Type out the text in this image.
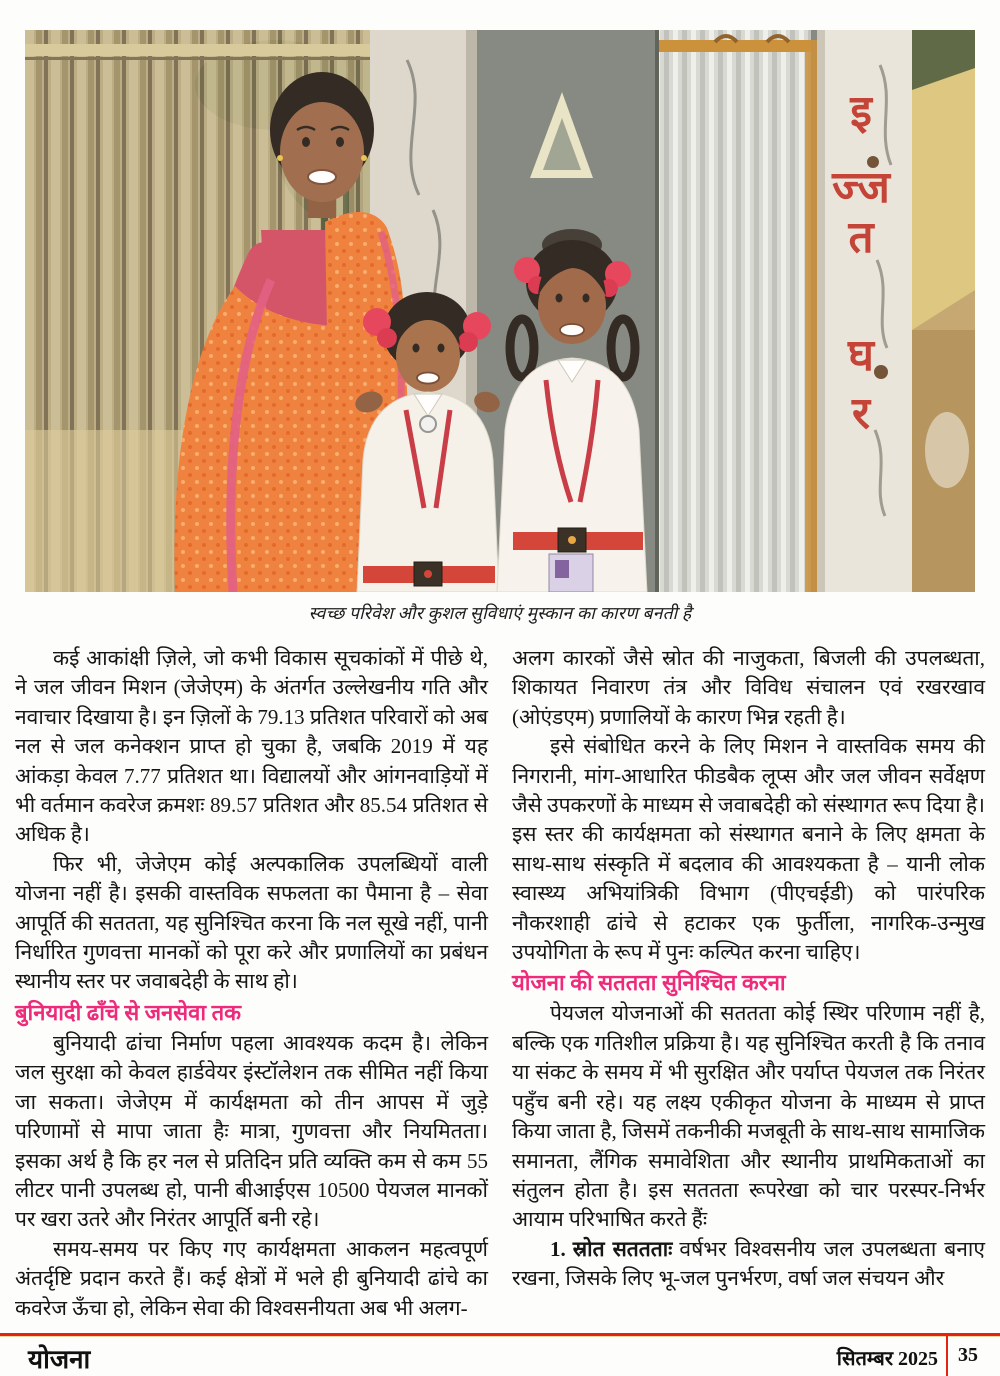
इ
ज्ज
त
घ
र
स्वच्छ परिवेश और कुशल सुविधाएं मुस्कान का कारण बनती है

कई आकांक्षी ज़िले, जो कभी विकास सूचकांकों में पीछे थे, ने जल जीवन मिशन (जेजेएम) के अंतर्गत उल्लेखनीय गति और नवाचार दिखाया है। इन ज़िलों के 79.13 प्रतिशत परिवारों को अब नल से जल कनेक्शन प्राप्त हो चुका है, जबकि 2019 में यह आंकड़ा केवल 7.77 प्रतिशत था। विद्यालयों और आंगनवाड़ियों में भी वर्तमान कवरेज क्रमशः 89.57 प्रतिशत और 85.54 प्रतिशत से अधिक है।

फिर भी, जेजेएम कोई अल्पकालिक उपलब्धियों वाली योजना नहीं है। इसकी वास्तविक सफलता का पैमाना है – सेवा आपूर्ति की सततता, यह सुनिश्चित करना कि नल सूखे नहीं, पानी निर्धारित गुणवत्ता मानकों को पूरा करे और प्रणालियों का प्रबंधन स्थानीय स्तर पर जवाबदेही के साथ हो।

बुनियादी ढाँचे से जनसेवा तक

बुनियादी ढांचा निर्माण पहला आवश्यक कदम है। लेकिन जल सुरक्षा को केवल हार्डवेयर इंस्टॉलेशन तक सीमित नहीं किया जा सकता। जेजेएम में कार्यक्षमता को तीन आपस में जुड़े परिणामों से मापा जाता हैः मात्रा, गुणवत्ता और नियमितता। इसका अर्थ है कि हर नल से प्रतिदिन प्रति व्यक्ति कम से कम 55 लीटर पानी उपलब्ध हो, पानी बीआईएस 10500 पेयजल मानकों पर खरा उतरे और निरंतर आपूर्ति बनी रहे।

समय-समय पर किए गए कार्यक्षमता आकलन महत्वपूर्ण अंतर्दृष्टि प्रदान करते हैं। कई क्षेत्रों में भले ही बुनियादी ढांचे का कवरेज ऊँचा हो, लेकिन सेवा की विश्वसनीयता अब भी अलग-

अलग कारकों जैसे स्रोत की नाजुकता, बिजली की उपलब्धता, शिकायत निवारण तंत्र और विविध संचालन एवं रखरखाव (ओएंडएम) प्रणालियों के कारण भिन्न रहती है।

इसे संबोधित करने के लिए मिशन ने वास्तविक समय की निगरानी, मांग-आधारित फीडबैक लूप्स और जल जीवन सर्वेक्षण जैसे उपकरणों के माध्यम से जवाबदेही को संस्थागत रूप दिया है। इस स्तर की कार्यक्षमता को संस्थागत बनाने के लिए क्षमता के साथ-साथ संस्कृति में बदलाव की आवश्यकता है – यानी लोक स्वास्थ्य अभियांत्रिकी विभाग (पीएचईडी) को पारंपरिक नौकरशाही ढांचे से हटाकर एक फुर्तीला, नागरिक-उन्मुख उपयोगिता के रूप में पुनः कल्पित करना चाहिए।

योजना की सततता सुनिश्चित करना

पेयजल योजनाओं की सततता कोई स्थिर परिणाम नहीं है, बल्कि एक गतिशील प्रक्रिया है। यह सुनिश्चित करती है कि तनाव या संकट के समय में भी सुरक्षित और पर्याप्त पेयजल तक निरंतर पहुँच बनी रहे। यह लक्ष्य एकीकृत योजना के माध्यम से प्राप्त किया जाता है, जिसमें तकनीकी मजबूती के साथ-साथ सामाजिक समानता, लैंगिक समावेशिता और स्थानीय प्राथमिकताओं का संतुलन होता है। इस सततता रूपरेखा को चार परस्पर-निर्भर आयाम परिभाषित करते हैंः

1. स्रोत सततताः वर्षभर विश्वसनीय जल उपलब्धता बनाए रखना, जिसके लिए भू-जल पुनर्भरण, वर्षा जल संचयन और

योजना	सितम्बर 2025	35
